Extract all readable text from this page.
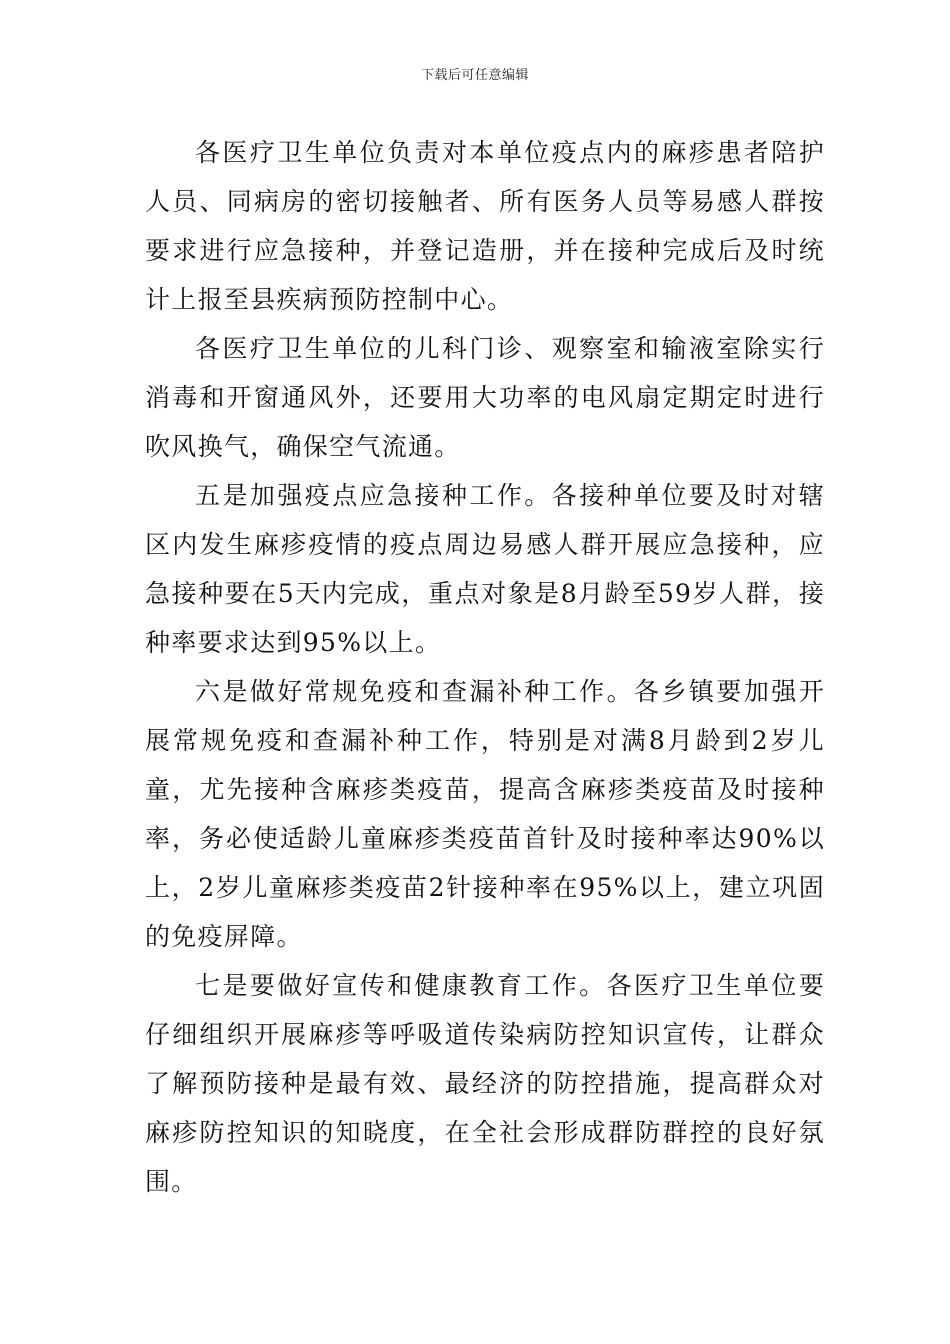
下载后可任意编辑

各医疗卫生单位负责对本单位疫点内的麻疹患者陪护人员、同病房的密切接触者、所有医务人员等易感人群按要求进行应急接种，并登记造册，并在接种完成后及时统计上报至县疾病预防控制中心。

各医疗卫生单位的儿科门诊、观察室和输液室除实行消毒和开窗通风外，还要用大功率的电风扇定期定时进行吹风换气，确保空气流通。

五是加强疫点应急接种工作。各接种单位要及时对辖区内发生麻疹疫情的疫点周边易感人群开展应急接种，应急接种要在5天内完成，重点对象是8月龄至59岁人群，接种率要求达到95%以上。

六是做好常规免疫和查漏补种工作。各乡镇要加强开展常规免疫和查漏补种工作，特别是对满8月龄到2岁儿童，尤先接种含麻疹类疫苗，提高含麻疹类疫苗及时接种率，务必使适龄儿童麻疹类疫苗首针及时接种率达90%以上，2岁儿童麻疹类疫苗2针接种率在95%以上，建立巩固的免疫屏障。

七是要做好宣传和健康教育工作。各医疗卫生单位要仔细组织开展麻疹等呼吸道传染病防控知识宣传，让群众了解预防接种是最有效、最经济的防控措施，提高群众对麻疹防控知识的知晓度，在全社会形成群防群控的良好氛围。
